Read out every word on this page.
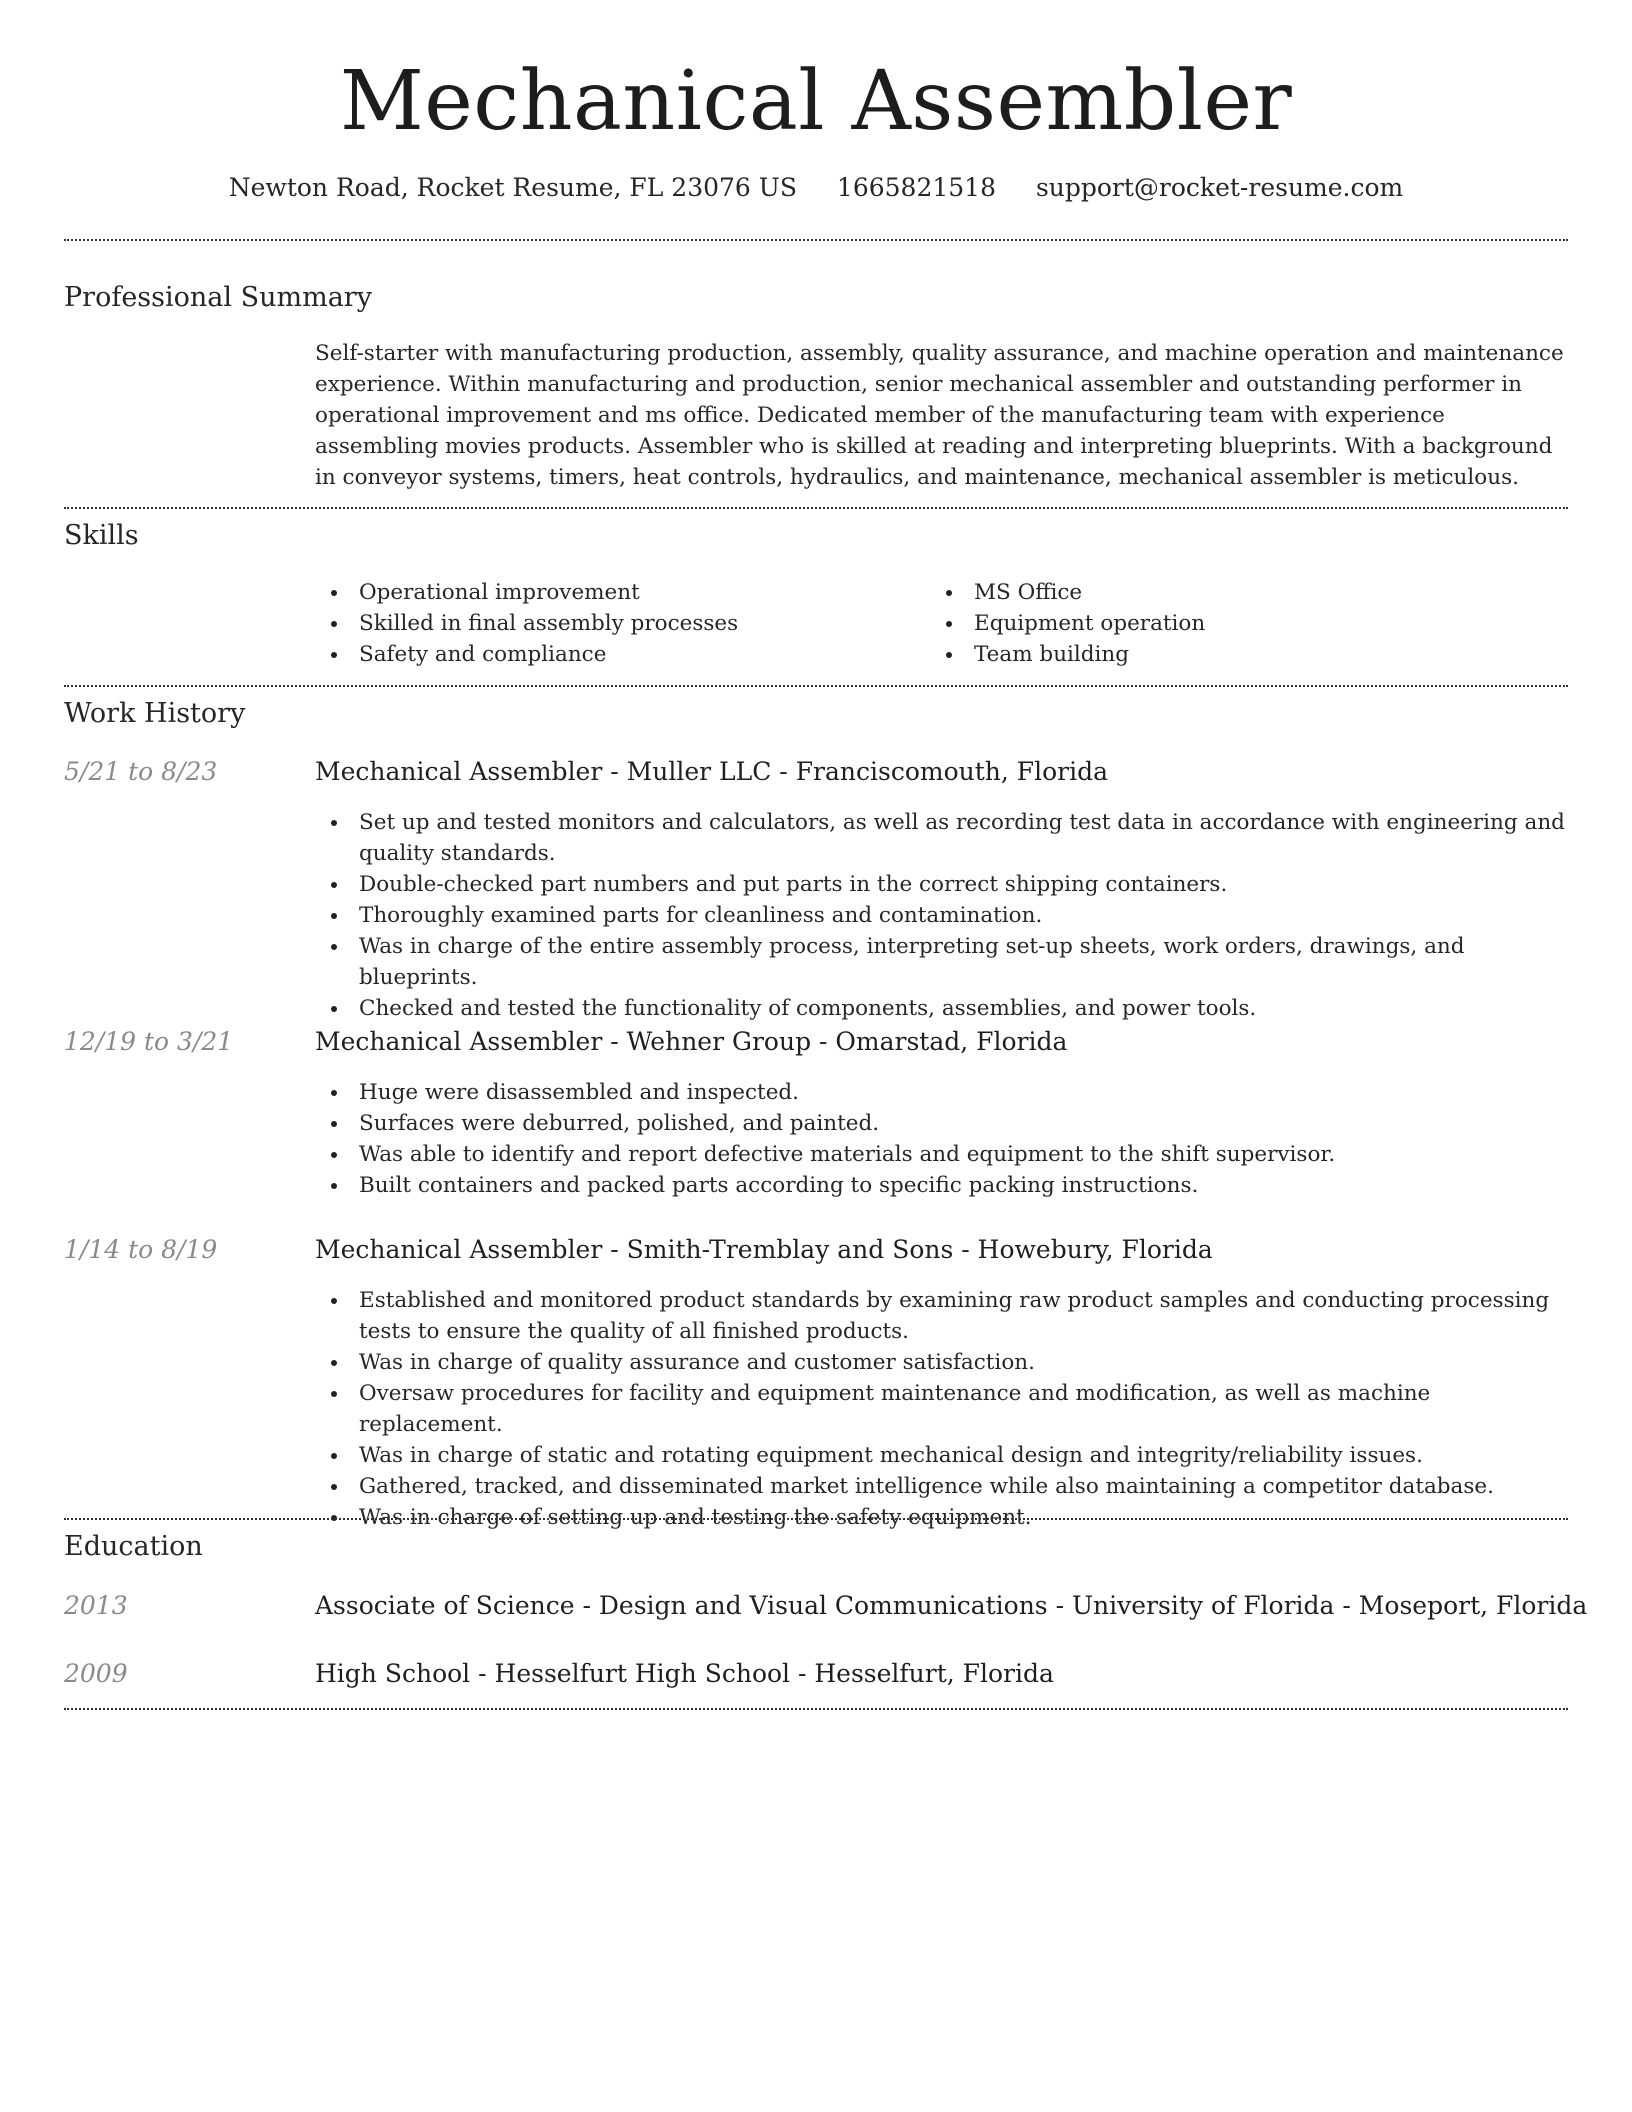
Mechanical Assembler
Newton Road, Rocket Resume, FL 23076 US 1665821518 support@rocket-resume.com
Professional Summary
Self-starter with manufacturing production, assembly, quality assurance, and machine operation and maintenance experience. Within manufacturing and production, senior mechanical assembler and outstanding performer in operational improvement and ms office. Dedicated member of the manufacturing team with experience assembling movies products. Assembler who is skilled at reading and interpreting blueprints. With a background in conveyor systems, timers, heat controls, hydraulics, and maintenance, mechanical assembler is meticulous.
Skills
Operational improvement
Skilled in final assembly processes
Safety and compliance
MS Office
Equipment operation
Team building
Work History
5/21 to 8/23	Mechanical Assembler - Muller LLC - Franciscomouth, Florida
Set up and tested monitors and calculators, as well as recording test data in accordance with engineering and quality standards.
Double-checked part numbers and put parts in the correct shipping containers.
Thoroughly examined parts for cleanliness and contamination.
Was in charge of the entire assembly process, interpreting set-up sheets, work orders, drawings, and blueprints.
Checked and tested the functionality of components, assemblies, and power tools.
12/19 to 3/21	Mechanical Assembler - Wehner Group - Omarstad, Florida
Huge were disassembled and inspected.
Surfaces were deburred, polished, and painted.
Was able to identify and report defective materials and equipment to the shift supervisor.
Built containers and packed parts according to specific packing instructions.
1/14 to 8/19	Mechanical Assembler - Smith-Tremblay and Sons - Howebury, Florida
Established and monitored product standards by examining raw product samples and conducting processing tests to ensure the quality of all finished products.
Was in charge of quality assurance and customer satisfaction.
Oversaw procedures for facility and equipment maintenance and modification, as well as machine replacement.
Was in charge of static and rotating equipment mechanical design and integrity/reliability issues.
Gathered, tracked, and disseminated market intelligence while also maintaining a competitor database.
Was in charge of setting up and testing the safety equipment.
Education
2013	Associate of Science - Design and Visual Communications - University of Florida - Moseport, Florida
2009	High School - Hesselfurt High School - Hesselfurt, Florida
